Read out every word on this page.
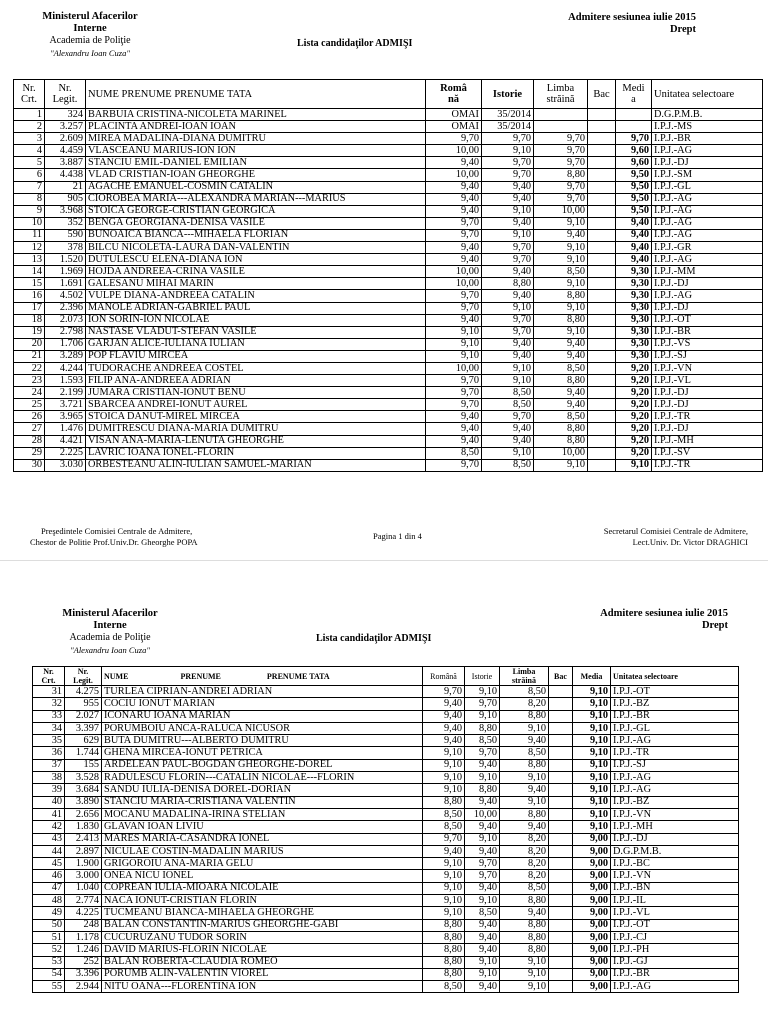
Ministerul Afacerilor
Interne
Academia de Poliţie
"Alexandru Ioan Cuza"
Admitere sesiunea iulie 2015
Drept
Lista candidaţilor ADMIŞI
Nr.
Crt.	Nr.
Legit.	NUME PRENUME PRENUME TATA	Româ
nă	Istorie	Limba
străină	Bac	Medi
a	Unitatea selectoare
1	324	BARBUIA CRISTINA-NICOLETA MARINEL	OMAI	35/2014				D.G.P.M.B.
2	3.257	PLACINTA ANDREI-IOAN IOAN	OMAI	35/2014				I.P.J.-MS
3	2.609	MIREA MADALINA-DIANA DUMITRU	9,70	9,70	9,70		9,70	I.P.J.-BR
4	4.459	VLASCEANU MARIUS-ION ION	10,00	9,10	9,70		9,60	I.P.J.-AG
5	3.887	STANCIU EMIL-DANIEL EMILIAN	9,40	9,70	9,70		9,60	I.P.J.-DJ
6	4.438	VLAD CRISTIAN-IOAN GHEORGHE	10,00	9,70	8,80		9,50	I.P.J.-SM
7	21	AGACHE EMANUEL-COSMIN CATALIN	9,40	9,40	9,70		9,50	I.P.J.-GL
8	905	CIOROBEA MARIA---ALEXANDRA MARIAN---MARIUS	9,40	9,40	9,70		9,50	I.P.J.-AG
9	3.968	STOICA GEORGE-CRISTIAN GEORGICA	9,40	9,10	10,00		9,50	I.P.J.-AG
10	352	BENGA GEORGIANA-DENISA VASILE	9,70	9,40	9,10		9,40	I.P.J.-AG
11	590	BUNOAICA BIANCA---MIHAELA FLORIAN	9,70	9,10	9,40		9,40	I.P.J.-AG
12	378	BILCU NICOLETA-LAURA DAN-VALENTIN	9,40	9,70	9,10		9,40	I.P.J.-GR
13	1.520	DUTULESCU ELENA-DIANA ION	9,40	9,70	9,10		9,40	I.P.J.-AG
14	1.969	HOJDA ANDREEA-CRINA VASILE	10,00	9,40	8,50		9,30	I.P.J.-MM
15	1.691	GALESANU MIHAI MARIN	10,00	8,80	9,10		9,30	I.P.J.-DJ
16	4.502	VULPE DIANA-ANDREEA CATALIN	9,70	9,40	8,80		9,30	I.P.J.-AG
17	2.396	MANOLE ADRIAN-GABRIEL PAUL	9,70	9,10	9,10		9,30	I.P.J.-DJ
18	2.073	ION SORIN-ION NICOLAE	9,40	9,70	8,80		9,30	I.P.J.-OT
19	2.798	NASTASE VLADUT-STEFAN VASILE	9,10	9,70	9,10		9,30	I.P.J.-BR
20	1.706	GARJAN ALICE-IULIANA IULIAN	9,10	9,40	9,40		9,30	I.P.J.-VS
21	3.289	POP FLAVIU MIRCEA	9,10	9,40	9,40		9,30	I.P.J.-SJ
22	4.244	TUDORACHE ANDREEA COSTEL	10,00	9,10	8,50		9,20	I.P.J.-VN
23	1.593	FILIP ANA-ANDREEA ADRIAN	9,70	9,10	8,80		9,20	I.P.J.-VL
24	2.199	JUMARA CRISTIAN-IONUT BENU	9,70	8,50	9,40		9,20	I.P.J.-DJ
25	3.721	SBARCEA ANDREI-IONUT AUREL	9,70	8,50	9,40		9,20	I.P.J.-DJ
26	3.965	STOICA DANUT-MIREL MIRCEA	9,40	9,70	8,50		9,20	I.P.J.-TR
27	1.476	DUMITRESCU DIANA-MARIA DUMITRU	9,40	9,40	8,80		9,20	I.P.J.-DJ
28	4.421	VISAN ANA-MARIA-LENUTA GHEORGHE	9,40	9,40	8,80		9,20	I.P.J.-MH
29	2.225	LAVRIC IOANA IONEL-FLORIN	8,50	9,10	10,00		9,20	I.P.J.-SV
30	3.030	ORBESTEANU ALIN-IULIAN SAMUEL-MARIAN	9,70	8,50	9,10		9,10	I.P.J.-TR
Preşedintele Comisiei Centrale de Admitere,
Chestor de Politie Prof.Univ.Dr. Gheorghe POPA
Pagina 1 din 4	Secretarul Comisiei Centrale de Admitere,
Lect.Univ. Dr. Victor DRAGHICI
Ministerul Afacerilor
Interne
Academia de Poliţie
"Alexandru Ioan Cuza"
Admitere sesiunea iulie 2015
Drept
Lista candidaţilor ADMIŞI
Nr.
Crt.	Nr.
Legit.	NUME PRENUME PRENUME TATA	Română	Istorie	Limba
străină	Bac	Media	Unitatea selectoare
31	4.275	TURLEA CIPRIAN-ANDREI ADRIAN	9,70	9,10	8,50		9,10	I.P.J.-OT
32	955	COCIU IONUT MARIAN	9,40	9,70	8,20		9,10	I.P.J.-BZ
33	2.027	ICONARU IOANA MARIAN	9,40	9,10	8,80		9,10	I.P.J.-BR
34	3.397	PORUMBOIU ANCA-RALUCA NICUSOR	9,40	8,80	9,10		9,10	I.P.J.-GL
35	629	BUTA DUMITRU---ALBERTO DUMITRU	9,40	8,50	9,40		9,10	I.P.J.-AG
36	1.744	GHENA MIRCEA-IONUT PETRICA	9,10	9,70	8,50		9,10	I.P.J.-TR
37	155	ARDELEAN PAUL-BOGDAN GHEORGHE-DOREL	9,10	9,40	8,80		9,10	I.P.J.-SJ
38	3.528	RADULESCU FLORIN---CATALIN NICOLAE---FLORIN	9,10	9,10	9,10		9,10	I.P.J.-AG
39	3.684	SANDU IULIA-DENISA DOREL-DORIAN	9,10	8,80	9,40		9,10	I.P.J.-AG
40	3.890	STANCIU MARIA-CRISTIANA VALENTIN	8,80	9,40	9,10		9,10	I.P.J.-BZ
41	2.656	MOCANU MADALINA-IRINA STELIAN	8,50	10,00	8,80		9,10	I.P.J.-VN
42	1.830	GLAVAN IOAN LIVIU	8,50	9,40	9,40		9,10	I.P.J.-MH
43	2.413	MARES MARIA-CASANDRA IONEL	9,70	9,10	8,20		9,00	I.P.J.-DJ
44	2.897	NICULAE COSTIN-MADALIN MARIUS	9,40	9,40	8,20		9,00	D.G.P.M.B.
45	1.900	GRIGOROIU ANA-MARIA GELU	9,10	9,70	8,20		9,00	I.P.J.-BC
46	3.000	ONEA NICU IONEL	9,10	9,70	8,20		9,00	I.P.J.-VN
47	1.040	COPREAN IULIA-MIOARA NICOLAIE	9,10	9,40	8,50		9,00	I.P.J.-BN
48	2.774	NACA IONUT-CRISTIAN FLORIN	9,10	9,10	8,80		9,00	I.P.J.-IL
49	4.225	TUCMEANU BIANCA-MIHAELA GHEORGHE	9,10	8,50	9,40		9,00	I.P.J.-VL
50	248	BALAN CONSTANTIN-MARIUS GHEORGHE-GABI	8,80	9,40	8,80		9,00	I.P.J.-OT
51	1.178	CUCURUZANU TUDOR SORIN	8,80	9,40	8,80		9,00	I.P.J.-CJ
52	1.246	DAVID MARIUS-FLORIN NICOLAE	8,80	9,40	8,80		9,00	I.P.J.-PH
53	252	BALAN ROBERTA-CLAUDIA ROMEO	8,80	9,10	9,10		9,00	I.P.J.-GJ
54	3.396	PORUMB ALIN-VALENTIN VIOREL	8,80	9,10	9,10		9,00	I.P.J.-BR
55	2.944	NITU OANA---FLORENTINA ION	8,50	9,40	9,10		9,00	I.P.J.-AG
